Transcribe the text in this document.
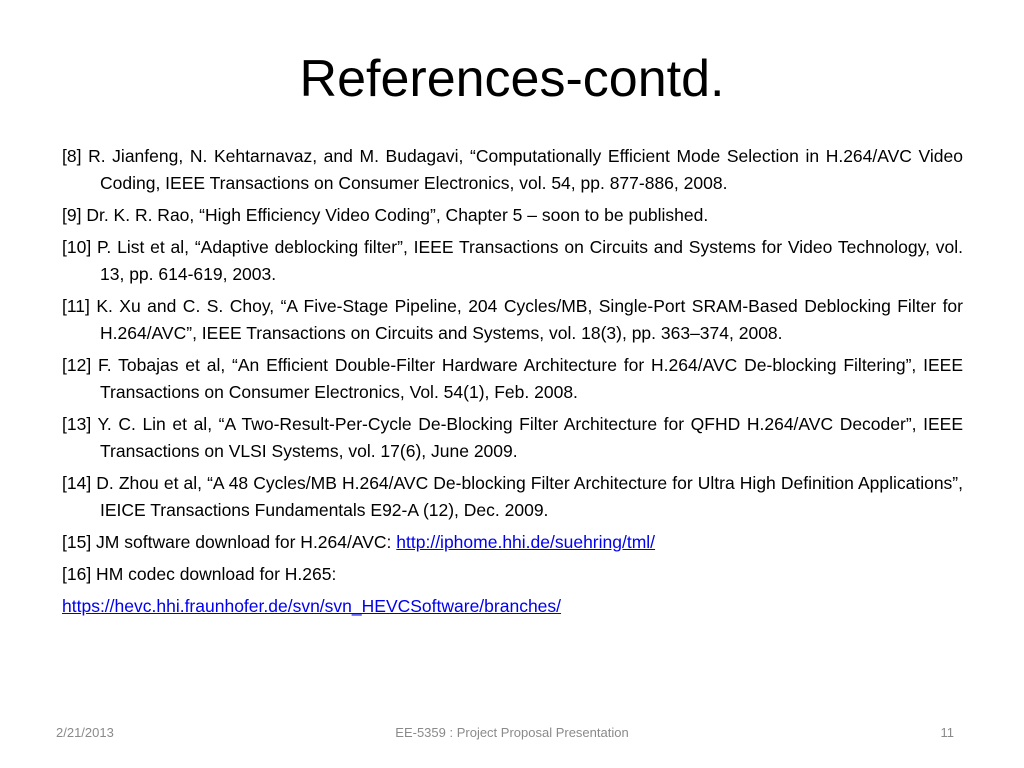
References-contd.

[8] R. Jianfeng, N. Kehtarnavaz, and M. Budagavi, “Computationally Efficient Mode Selection in H.264/AVC Video Coding, IEEE Transactions on Consumer Electronics, vol. 54, pp. 877-886, 2008.

[9] Dr. K. R. Rao, “High Efficiency Video Coding”, Chapter 5 – soon to be published.

[10] P. List et al, “Adaptive deblocking filter”, IEEE Transactions on Circuits and Systems for Video Technology, vol. 13, pp. 614-619, 2003.

[11] K. Xu and C. S. Choy, “A Five-Stage Pipeline, 204 Cycles/MB, Single-Port SRAM-Based Deblocking Filter for H.264/AVC”, IEEE Transactions on Circuits and Systems, vol. 18(3), pp. 363–374, 2008.

[12] F. Tobajas et al, “An Efficient Double-Filter Hardware Architecture for H.264/AVC De-blocking Filtering”, IEEE Transactions on Consumer Electronics, Vol. 54(1), Feb. 2008.

[13] Y. C. Lin et al, “A Two-Result-Per-Cycle De-Blocking Filter Architecture for QFHD H.264/AVC Decoder”, IEEE Transactions on VLSI Systems, vol. 17(6), June 2009.

[14] D. Zhou et al, “A 48 Cycles/MB H.264/AVC De-blocking Filter Architecture for Ultra High Definition Applications”, IEICE Transactions Fundamentals E92-A (12), Dec. 2009.

[15] JM software download for H.264/AVC: http://iphome.hhi.de/suehring/tml/

[16] HM codec download for H.265:

https://hevc.hhi.fraunhofer.de/svn/svn_HEVCSoftware/branches/

2/21/2013	EE-5359 : Project Proposal Presentation	11
